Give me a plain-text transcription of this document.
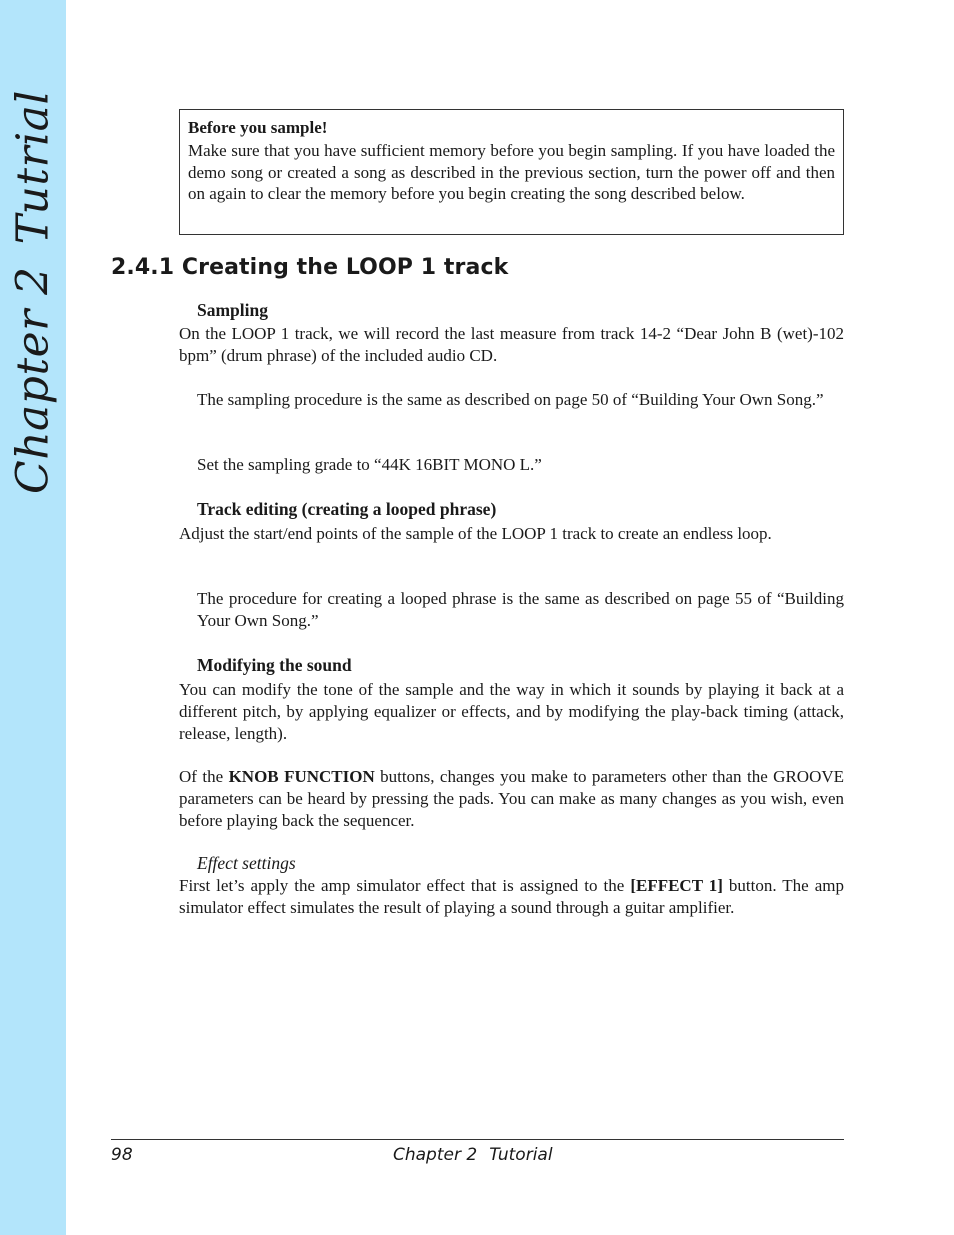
Chapter 2Tutrial	Before you sample!

Make sure that you have sufficient memory before you begin sampling. If you have loaded the demo song or created a song as described in the previous section, turn the power off and then on again to clear the memory before you begin creating the song described below.

2.4.1 Creating the LOOP 1 track
Sampling

On the LOOP 1 track, we will record the last measure from track 14-2 “Dear John B (wet)-102 bpm” (drum phrase) of the included audio CD.

The sampling procedure is the same as described on page 50 of “Building Your Own Song.”

Set the sampling grade to “44K 16BIT MONO L.”

Track editing (creating a looped phrase)

Adjust the start/end points of the sample of the LOOP 1 track to create an endless loop.

The procedure for creating a looped phrase is the same as described on page 55 of “Building Your Own Song.”

Modifying the sound

You can modify the tone of the sample and the way in which it sounds by playing it back at a different pitch, by applying equalizer or effects, and by modifying the play-back timing (attack, release, length).

Of the KNOB FUNCTION buttons, changes you make to parameters other than the GROOVE parameters can be heard by pressing the pads. You can make as many changes as you wish, even before playing back the sequencer.

Effect settings

First let’s apply the amp simulator effect that is assigned to the [EFFECT 1] button. The amp simulator effect simulates the result of playing a sound through a guitar amplifier.

98	Chapter 2 Tutorial
